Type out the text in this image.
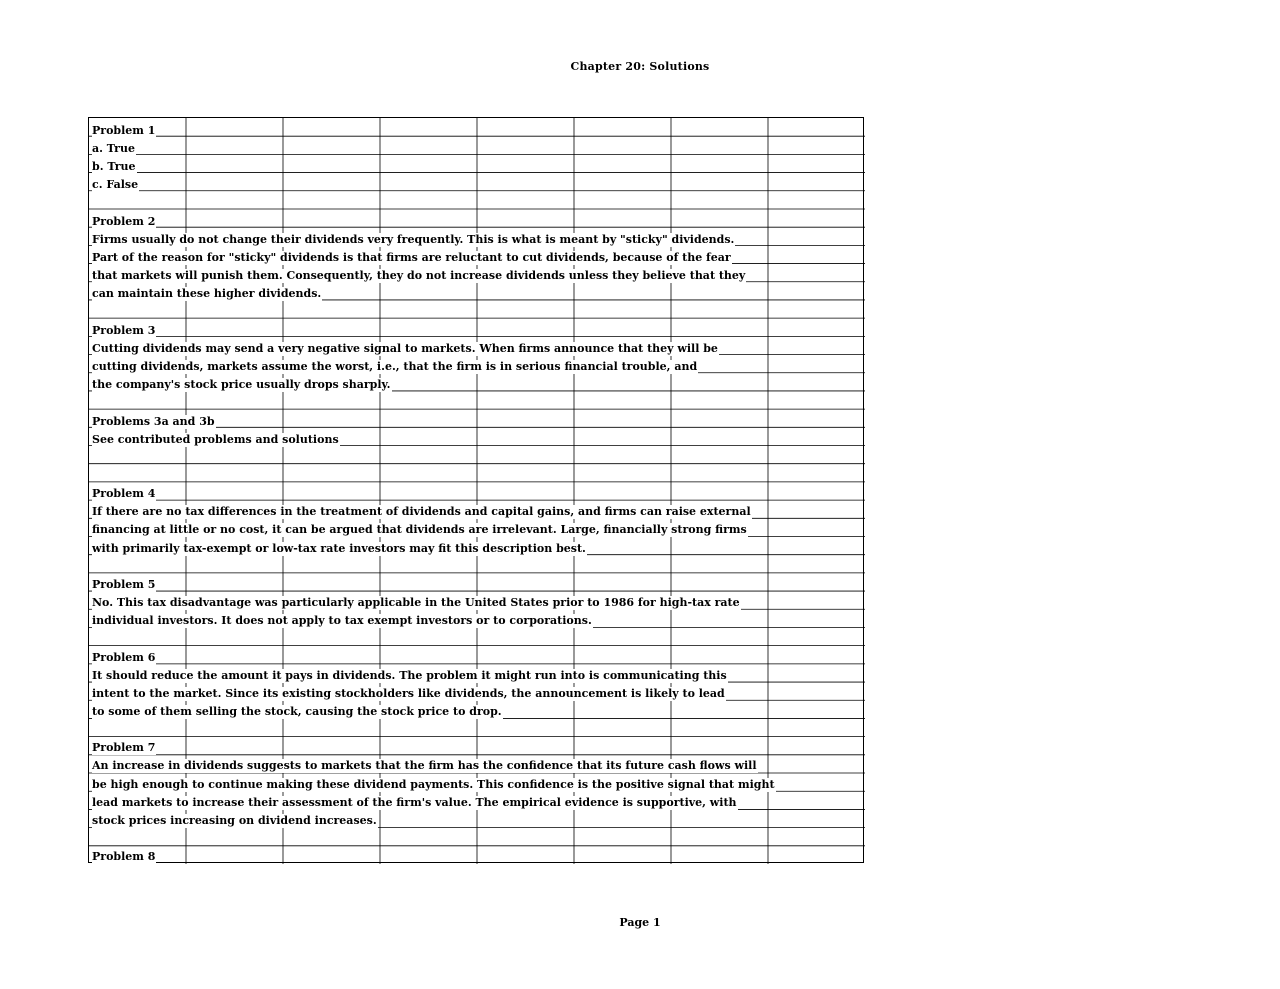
Chapter 20: Solutions
Problem 1
a. True
b. True
c. False
Problem 2
Firms usually do not change their dividends very frequently. This is what is meant by "sticky" dividends.
Part of the reason for "sticky" dividends is that firms are reluctant to cut dividends, because of the fear
that markets will punish them. Consequently, they do not increase dividends unless they believe that they
can maintain these higher dividends.
Problem 3
Cutting dividends may send a very negative signal to markets. When firms announce that they will be
cutting dividends, markets assume the worst, i.e., that the firm is in serious financial trouble, and
the company's stock price usually drops sharply.
Problems 3a and 3b
See contributed problems and solutions
Problem 4
If there are no tax differences in the treatment of dividends and capital gains, and firms can raise external
financing at little or no cost, it can be argued that dividends are irrelevant. Large, financially strong firms
with primarily tax-exempt or low-tax rate investors may fit this description best.
Problem 5
No. This tax disadvantage was particularly applicable in the United States prior to 1986 for high-tax rate
individual investors. It does not apply to tax exempt investors or to corporations.
Problem 6
It should reduce the amount it pays in dividends. The problem it might run into is communicating this
intent to the market. Since its existing stockholders like dividends, the announcement is likely to lead
to some of them selling the stock, causing the stock price to drop.
Problem 7
An increase in dividends suggests to markets that the firm has the confidence that its future cash flows will
be high enough to continue making these dividend payments. This confidence is the positive signal that might
lead markets to increase their assessment of the firm's value. The empirical evidence is supportive, with
stock prices increasing on dividend increases.
Problem 8
Page 1
